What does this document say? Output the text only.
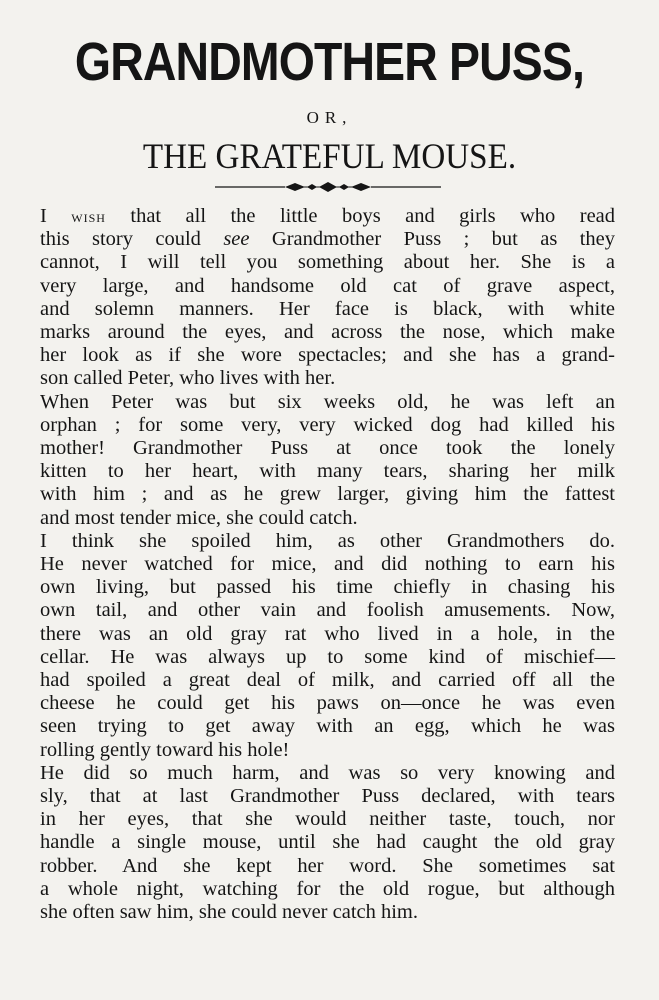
GRANDMOTHER PUSS,
OR,
THE GRATEFUL MOUSE.
I wish that all the little boys and girls who read
this story could see Grandmother Puss ; but as they
cannot, I will tell you something about her. She is a
very large, and handsome old cat of grave aspect,
and solemn manners. Her face is black, with white
marks around the eyes, and across the nose, which make
her look as if she wore spectacles; and she has a grand-
son called Peter, who lives with her.
When Peter was but six weeks old, he was left an
orphan ; for some very, very wicked dog had killed his
mother! Grandmother Puss at once took the lonely
kitten to her heart, with many tears, sharing her milk
with him ; and as he grew larger, giving him the fattest
and most tender mice, she could catch.
I think she spoiled him, as other Grandmothers do.
He never watched for mice, and did nothing to earn his
own living, but passed his time chiefly in chasing his
own tail, and other vain and foolish amusements. Now,
there was an old gray rat who lived in a hole, in the
cellar. He was always up to some kind of mischief—
had spoiled a great deal of milk, and carried off all the
cheese he could get his paws on—once he was even
seen trying to get away with an egg, which he was
rolling gently toward his hole!
He did so much harm, and was so very knowing and
sly, that at last Grandmother Puss declared, with tears
in her eyes, that she would neither taste, touch, nor
handle a single mouse, until she had caught the old gray
robber. And she kept her word. She sometimes sat
a whole night, watching for the old rogue, but although
she often saw him, she could never catch him.
